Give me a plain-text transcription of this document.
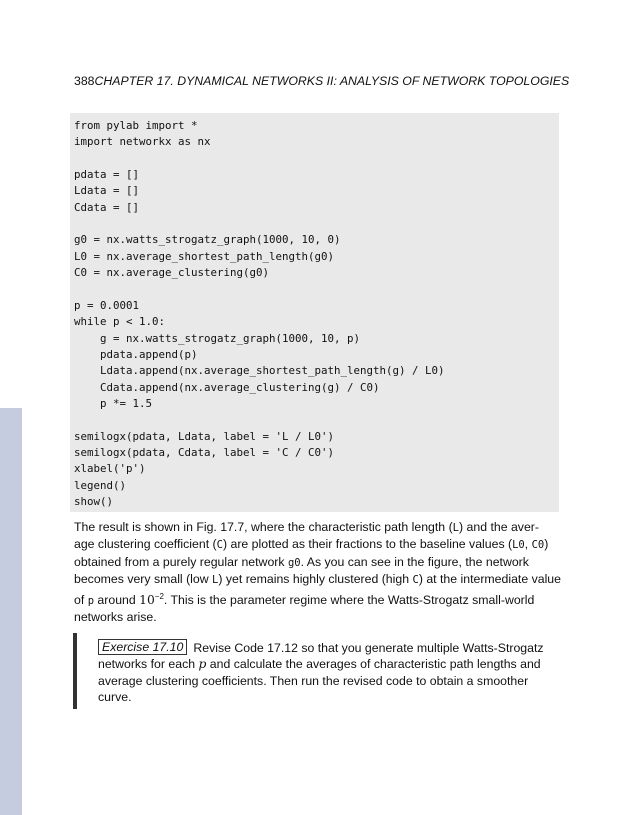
388CHAPTER 17. DYNAMICAL NETWORKS II: ANALYSIS OF NETWORK TOPOLOGIES
from pylab import *
import networkx as nx
pdata = []
Ldata = []
Cdata = []
g0 = nx.watts_strogatz_graph(1000, 10, 0)
L0 = nx.average_shortest_path_length(g0)
C0 = nx.average_clustering(g0)
p = 0.0001
while p < 1.0:
g = nx.watts_strogatz_graph(1000, 10, p)
pdata.append(p)
Ldata.append(nx.average_shortest_path_length(g) / L0)
Cdata.append(nx.average_clustering(g) / C0)
p *= 1.5
semilogx(pdata, Ldata, label = 'L / L0')
semilogx(pdata, Cdata, label = 'C / C0')
xlabel('p')
legend()
show()
The result is shown in Fig. 17.7, where the characteristic path length (L) and the aver-
age clustering coefficient (C) are plotted as their fractions to the baseline values (L0, C0)
obtained from a purely regular network g0. As you can see in the figure, the network
becomes very small (low L) yet remains highly clustered (high C) at the intermediate value
of p around $10^{-2}$. This is the parameter regime where the Watts-Strogatz small-world
networks arise.
Exercise 17.10 Revise Code 17.12 so that you generate multiple Watts-Strogatz
networks for each p and calculate the averages of characteristic path lengths and
average clustering coefficients. Then run the revised code to obtain a smoother
curve.
